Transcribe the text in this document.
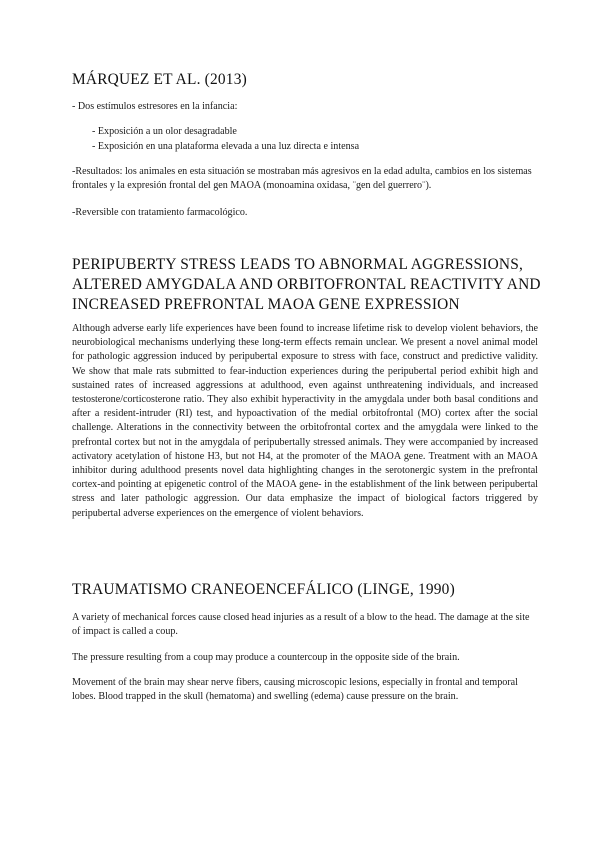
MÁRQUEZ ET AL. (2013)

- Dos estímulos estresores en la infancia:

- Exposición a un olor desagradable

- Exposición en una plataforma elevada a una luz directa e intensa

-Resultados: los animales en esta situación se mostraban más agresivos en la edad adulta, cambios en los sistemas frontales y la expresión frontal del gen MAOA (monoamina oxidasa, ¨gen del guerrero¨).

-Reversible con tratamiento farmacológico.

PERIPUBERTY STRESS LEADS TO ABNORMAL AGGRESSIONS, ALTERED AMYGDALA AND ORBITOFRONTAL REACTIVITY AND INCREASED PREFRONTAL MAOA GENE EXPRESSION

Although adverse early life experiences have been found to increase lifetime risk to develop violent behaviors, the neurobiological mechanisms underlying these long-term effects remain unclear. We present a novel animal model for pathologic aggression induced by peripubertal exposure to stress with face, construct and predictive validity. We show that male rats submitted to fear-induction experiences during the peripubertal period exhibit high and sustained rates of increased aggressions at adulthood, even against unthreatening individuals, and increased testosterone/corticosterone ratio. They also exhibit hyperactivity in the amygdala under both basal conditions and after a resident-intruder (RI) test, and hypoactivation of the medial orbitofrontal (MO) cortex after the social challenge. Alterations in the connectivity between the orbitofrontal cortex and the amygdala were linked to the prefrontal cortex but not in the amygdala of peripubertally stressed animals. They were accompanied by increased activatory acetylation of histone H3, but not H4, at the promoter of the MAOA gene. Treatment with an MAOA inhibitor during adulthood presents novel data highlighting changes in the serotonergic system in the prefrontal cortex-and pointing at epigenetic control of the MAOA gene- in the establishment of the link between peripubertal stress and later pathologic aggression. Our data emphasize the impact of biological factors triggered by peripubertal adverse experiences on the emergence of violent behaviors.

TRAUMATISMO CRANEOENCEFÁLICO (LINGE, 1990)

A variety of mechanical forces cause closed head injuries as a result of a blow to the head. The damage at the site of impact is called a coup.

The pressure resulting from a coup may produce a countercoup in the opposite side of the brain.

Movement of the brain may shear nerve fibers, causing microscopic lesions, especially in frontal and temporal lobes. Blood trapped in the skull (hematoma) and swelling (edema) cause pressure on the brain.
